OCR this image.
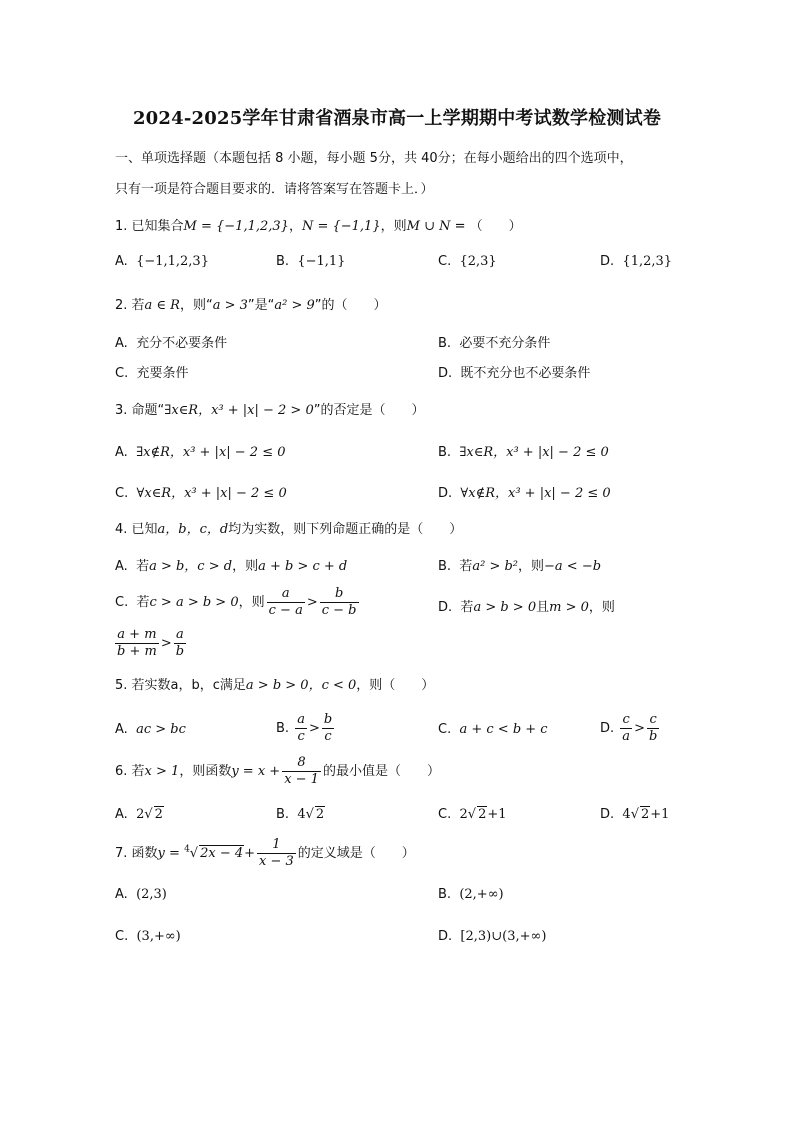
2024-2025学年甘肃省酒泉市高一上学期期中考试数学检测试卷
一、单项选择题（本题包括 8 小题，每小题 5分，共 40分；在每小题给出的四个选项中，
只有一项是符合题目要求的．请将答案写在答题卡上．）
1. 已知集合M = {−1,1,2,3}，N = {−1,1}，则M ∪ N = （　　）
A. {−1,1,2,3}	B. {−1,1}	C. {2,3}	D. {1,2,3}
2. 若a ∈ R，则“a > 3”是“a² > 9”的（　　）
A. 充分不必要条件	B. 必要不充分条件
C. 充要条件	D. 既不充分也不必要条件
3. 命题“∃x∈R，x³ + |x| − 2 > 0”的否定是（　　）
A. ∃x∉R，x³ + |x| − 2 ≤ 0	B. ∃x∈R，x³ + |x| − 2 ≤ 0
C. ∀x∈R，x³ + |x| − 2 ≤ 0	D. ∀x∉R，x³ + |x| − 2 ≤ 0
4. 已知a，b，c，d均为实数，则下列命题正确的是（　　）
A. 若a > b，c > d，则a + b > c + d	B. 若a² > b²，则−a < −b
C. 若c > a > b > 0，则 $\frac{a}{c - a} > \frac{b}{c - b}$	D. 若a > b > 0且m > 0，则
$\frac{a + m}{b + m} > \frac{a}{b}$
5. 若实数a，b，c满足a > b > 0，c < 0，则（　　）
A. ac > bc	B. $\frac{a}{c} > \frac{b}{c}$	C. a + c < b + c	D. $\frac{c}{a} > \frac{c}{b}$
6. 若x > 1，则函数$y = x + \frac{8}{x - 1}$ 的最小值是（　　）
A. 2√ 2	B. 4√ 2	C. 2√ 2+1	D. 4√ 2+1
7. 函数y = $^4$√ $2x - 4+ \frac{1}{x - 3}$ 的定义域是（　　）
A. (2,3)	B. (2,+∞)
C. (3,+∞)	D. [2,3)∪(3,+∞)
